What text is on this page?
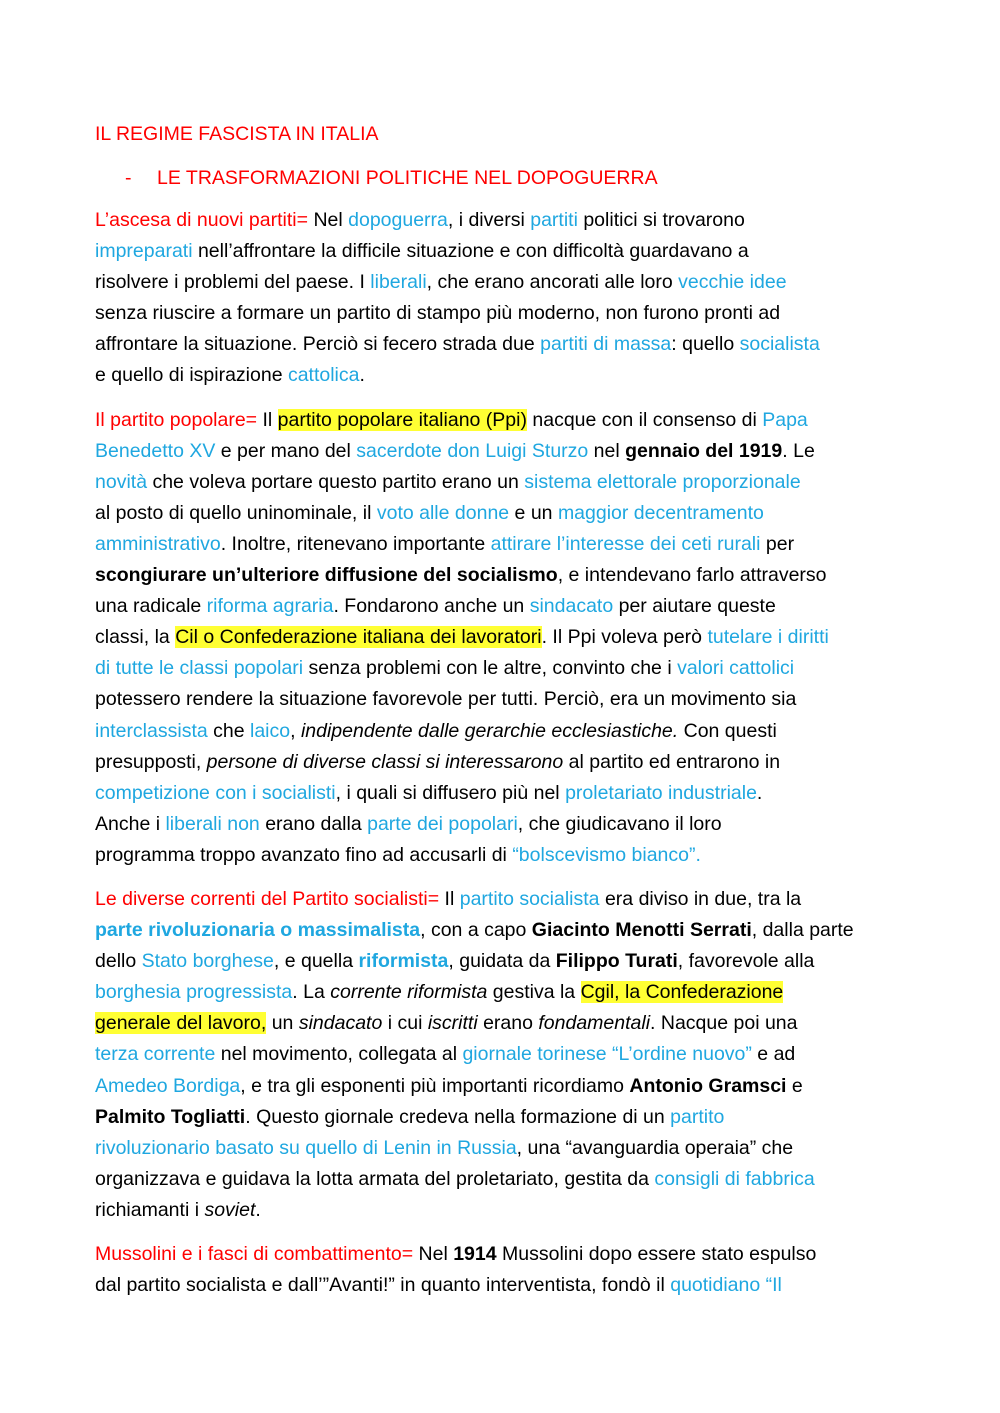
IL REGIME FASCISTA IN ITALIA
-	LE TRASFORMAZIONI POLITICHE NEL DOPOGUERRA
L’ascesa di nuovi partiti= Nel dopoguerra, i diversi partiti politici si trovarono
impreparati nell’affrontare la difficile situazione e con difficoltà guardavano a
risolvere i problemi del paese. I liberali, che erano ancorati alle loro vecchie idee
senza riuscire a formare un partito di stampo più moderno, non furono pronti ad
affrontare la situazione. Perciò si fecero strada due partiti di massa: quello socialista
e quello di ispirazione cattolica.
Il partito popolare= Il partito popolare italiano (Ppi) nacque con il consenso di Papa
Benedetto XV e per mano del sacerdote don Luigi Sturzo nel gennaio del 1919. Le
novità che voleva portare questo partito erano un sistema elettorale proporzionale
al posto di quello uninominale, il voto alle donne e un maggior decentramento
amministrativo. Inoltre, ritenevano importante attirare l’interesse dei ceti rurali per
scongiurare un’ulteriore diffusione del socialismo, e intendevano farlo attraverso
una radicale riforma agraria. Fondarono anche un sindacato per aiutare queste
classi, la Cil o Confederazione italiana dei lavoratori. Il Ppi voleva però tutelare i diritti
di tutte le classi popolari senza problemi con le altre, convinto che i valori cattolici
potessero rendere la situazione favorevole per tutti. Perciò, era un movimento sia
interclassista che laico, indipendente dalle gerarchie ecclesiastiche. Con questi
presupposti, persone di diverse classi si interessarono al partito ed entrarono in
competizione con i socialisti, i quali si diffusero più nel proletariato industriale.
Anche i liberali non erano dalla parte dei popolari, che giudicavano il loro
programma troppo avanzato fino ad accusarli di “bolscevismo bianco”.
Le diverse correnti del Partito socialisti= Il partito socialista era diviso in due, tra la
parte rivoluzionaria o massimalista, con a capo Giacinto Menotti Serrati, dalla parte
dello Stato borghese, e quella riformista, guidata da Filippo Turati, favorevole alla
borghesia progressista. La corrente riformista gestiva la Cgil, la Confederazione
generale del lavoro, un sindacato i cui iscritti erano fondamentali. Nacque poi una
terza corrente nel movimento, collegata al giornale torinese “L’ordine nuovo” e ad
Amedeo Bordiga, e tra gli esponenti più importanti ricordiamo Antonio Gramsci e
Palmito Togliatti. Questo giornale credeva nella formazione di un partito
rivoluzionario basato su quello di Lenin in Russia, una “avanguardia operaia” che
organizzava e guidava la lotta armata del proletariato, gestita da consigli di fabbrica
richiamanti i soviet.
Mussolini e i fasci di combattimento= Nel 1914 Mussolini dopo essere stato espulso
dal partito socialista e dall’”Avanti!” in quanto interventista, fondò il quotidiano “Il
